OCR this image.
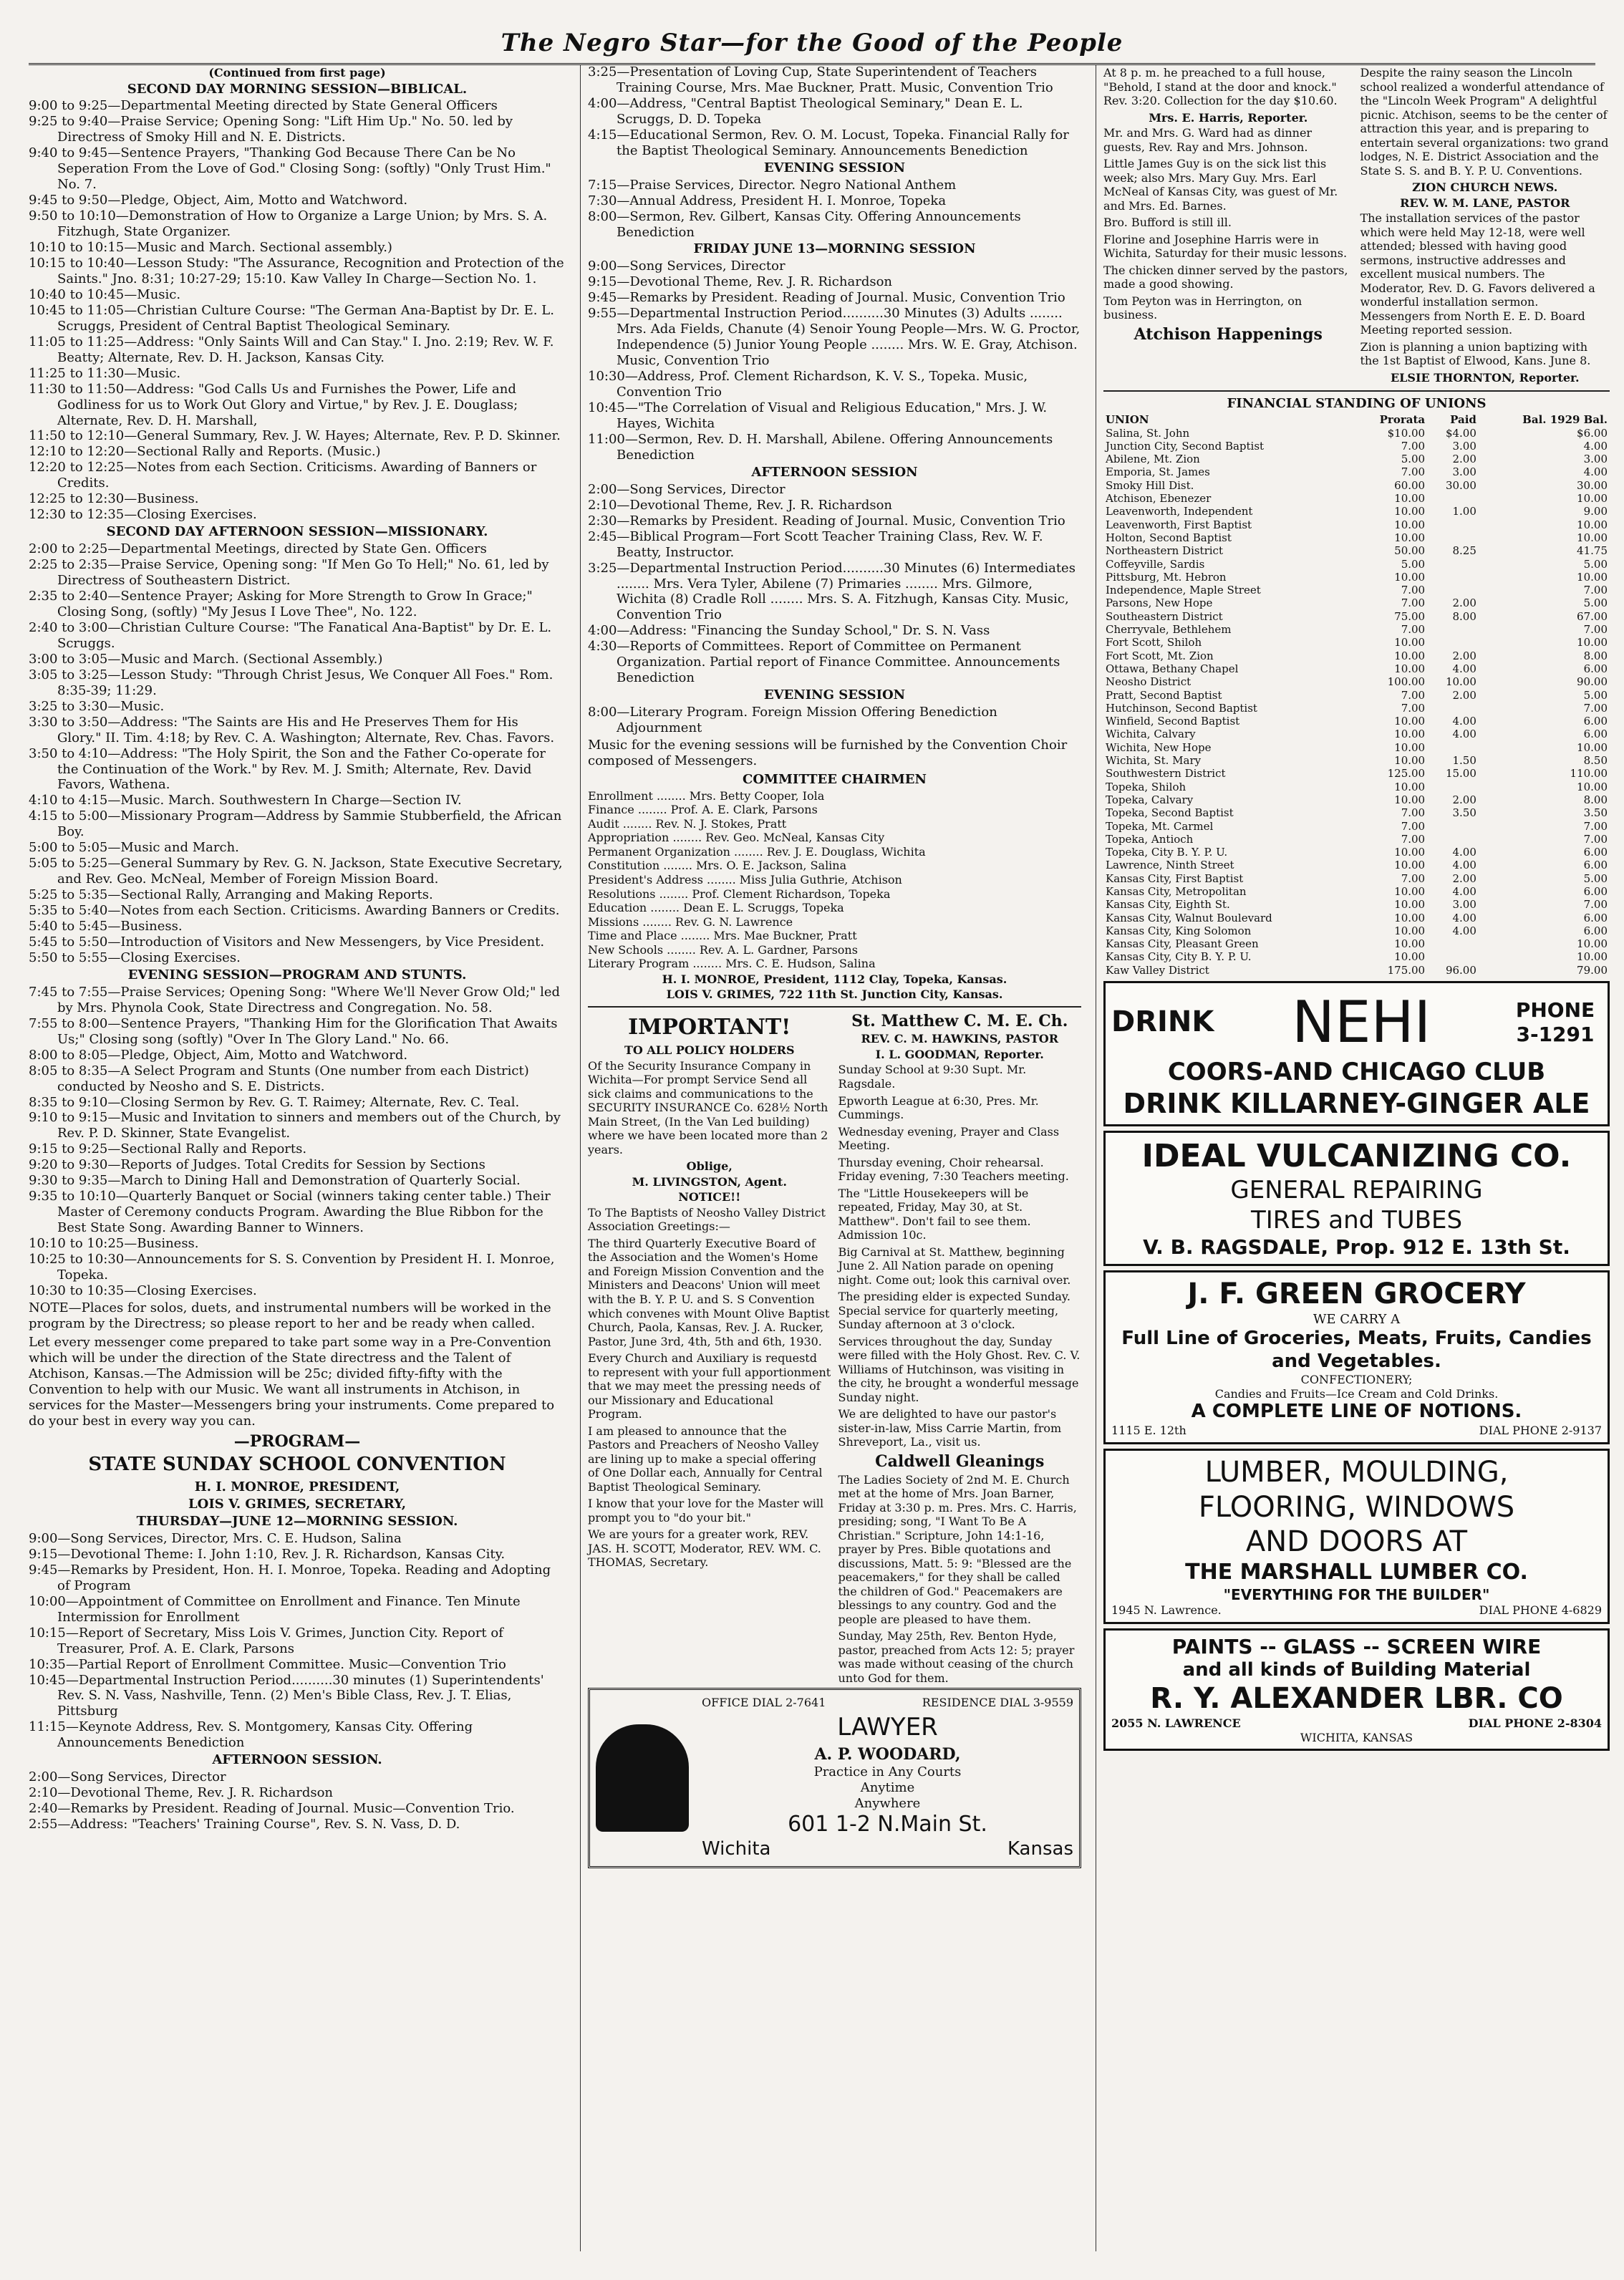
The Negro Star—for the Good of the People
(Continued from first page)
SECOND DAY MORNING SESSION—BIBLICAL.
9:00 to 9:25—Departmental Meeting directed by State General Officers
9:25 to 9:40—Praise Service; Opening Song: "Lift Him Up." No. 50. led by Directress of Smoky Hill and N. E. Districts.
9:40 to 9:45—Sentence Prayers, "Thanking God Because There Can be No Seperation From the Love of God." Closing Song: (softly) "Only Trust Him." No. 7.
9:45 to 9:50—Pledge, Object, Aim, Motto and Watchword.
9:50 to 10:10—Demonstration of How to Organize a Large Union; by Mrs. S. A. Fitzhugh, State Organizer.
10:10 to 10:15—Music and March. Sectional assembly.)
10:15 to 10:40—Lesson Study: "The Assurance, Recognition and Protection of the Saints." Jno. 8:31; 10:27-29; 15:10. Kaw Valley In Charge—Section No. 1.
10:40 to 10:45—Music.
10:45 to 11:05—Christian Culture Course: "The German Ana-Baptist by Dr. E. L. Scruggs, President of Central Baptist Theological Seminary.
11:05 to 11:25—Address: "Only Saints Will and Can Stay." I. Jno. 2:19; Rev. W. F. Beatty; Alternate, Rev. D. H. Jackson, Kansas City.
11:25 to 11:30—Music.
11:30 to 11:50—Address: "God Calls Us and Furnishes the Power, Life and Godliness for us to Work Out Glory and Virtue," by Rev. J. E. Douglass; Alternate, Rev. D. H. Marshall,
11:50 to 12:10—General Summary, Rev. J. W. Hayes; Alternate, Rev. P. D. Skinner.
12:10 to 12:20—Sectional Rally and Reports. (Music.)
12:20 to 12:25—Notes from each Section. Criticisms. Awarding of Banners or Credits.
12:25 to 12:30—Business.
12:30 to 12:35—Closing Exercises.
SECOND DAY AFTERNOON SESSION—MISSIONARY.
2:00 to 2:25—Departmental Meetings, directed by State Gen. Officers
2:25 to 2:35—Praise Service, Opening song: "If Men Go To Hell;" No. 61, led by Directress of Southeastern District.
2:35 to 2:40—Sentence Prayer; Asking for More Strength to Grow In Grace;" Closing Song, (softly) "My Jesus I Love Thee", No. 122.
2:40 to 3:00—Christian Culture Course: "The Fanatical Ana-Baptist" by Dr. E. L. Scruggs.
3:00 to 3:05—Music and March. (Sectional Assembly.)
3:05 to 3:25—Lesson Study: "Through Christ Jesus, We Conquer All Foes." Rom. 8:35-39; 11:29.
3:25 to 3:30—Music.
3:30 to 3:50—Address: "The Saints are His and He Preserves Them for His Glory." II. Tim. 4:18; by Rev. C. A. Washington; Alternate, Rev. Chas. Favors.
3:50 to 4:10—Address: "The Holy Spirit, the Son and the Father Co-operate for the Continuation of the Work." by Rev. M. J. Smith; Alternate, Rev. David Favors, Wathena.
4:10 to 4:15—Music. March. Southwestern In Charge—Section IV.
4:15 to 5:00—Missionary Program—Address by Sammie Stubberfield, the African Boy.
5:00 to 5:05—Music and March.
5:05 to 5:25—General Summary by Rev. G. N. Jackson, State Executive Secretary, and Rev. Geo. McNeal, Member of Foreign Mission Board.
5:25 to 5:35—Sectional Rally, Arranging and Making Reports.
5:35 to 5:40—Notes from each Section. Criticisms. Awarding Banners or Credits.
5:40 to 5:45—Business.
5:45 to 5:50—Introduction of Visitors and New Messengers, by Vice President.
5:50 to 5:55—Closing Exercises.
EVENING SESSION—PROGRAM AND STUNTS.
7:45 to 7:55—Praise Services; Opening Song: "Where We'll Never Grow Old;" led by Mrs. Phynola Cook, State Directress and Congregation. No. 58.
7:55 to 8:00—Sentence Prayers, "Thanking Him for the Glorification That Awaits Us;" Closing song (softly) "Over In The Glory Land." No. 66.
8:00 to 8:05—Pledge, Object, Aim, Motto and Watchword.
8:05 to 8:35—A Select Program and Stunts (One number from each District) conducted by Neosho and S. E. Districts.
8:35 to 9:10—Closing Sermon by Rev. G. T. Raimey; Alternate, Rev. C. Teal.
9:10 to 9:15—Music and Invitation to sinners and members out of the Church, by Rev. P. D. Skinner, State Evangelist.
9:15 to 9:25—Sectional Rally and Reports.
9:20 to 9:30—Reports of Judges. Total Credits for Session by Sections
9:30 to 9:35—March to Dining Hall and Demonstration of Quarterly Social.
9:35 to 10:10—Quarterly Banquet or Social (winners taking center table.) Their Master of Ceremony conducts Program. Awarding the Blue Ribbon for the Best State Song. Awarding Banner to Winners.
10:10 to 10:25—Business.
10:25 to 10:30—Announcements for S. S. Convention by President H. I. Monroe, Topeka.
10:30 to 10:35—Closing Exercises.

NOTE—Places for solos, duets, and instrumental numbers will be worked in the program by the Directress; so please report to her and be ready when called.

Let every messenger come prepared to take part some way in a Pre-Convention which will be under the direction of the State directress and the Talent of Atchison, Kansas.—The Admission will be 25c; divided fifty-fifty with the Convention to help with our Music. We want all instruments in Atchison, in services for the Master—Messengers bring your instruments. Come prepared to do your best in every way you can.

—PROGRAM—
STATE SUNDAY SCHOOL CONVENTION
H. I. MONROE, PRESIDENT,
LOIS V. GRIMES, SECRETARY,
THURSDAY—JUNE 12—MORNING SESSION.
9:00—Song Services, Director, Mrs. C. E. Hudson, Salina
9:15—Devotional Theme: I. John 1:10, Rev. J. R. Richardson, Kansas City.
9:45—Remarks by President, Hon. H. I. Monroe, Topeka. Reading and Adopting of Program
10:00—Appointment of Committee on Enrollment and Finance. Ten Minute Intermission for Enrollment
10:15—Report of Secretary, Miss Lois V. Grimes, Junction City. Report of Treasurer, Prof. A. E. Clark, Parsons
10:35—Partial Report of Enrollment Committee. Music—Convention Trio
10:45—Departmental Instruction Period..........30 minutes (1) Superintendents' Rev. S. N. Vass, Nashville, Tenn. (2) Men's Bible Class, Rev. J. T. Elias, Pittsburg
11:15—Keynote Address, Rev. S. Montgomery, Kansas City. Offering Announcements Benediction
AFTERNOON SESSION.
2:00—Song Services, Director
2:10—Devotional Theme, Rev. J. R. Richardson
2:40—Remarks by President. Reading of Journal. Music—Convention Trio.
2:55—Address: "Teachers' Training Course", Rev. S. N. Vass, D. D.
3:25—Presentation of Loving Cup, State Superintendent of Teachers Training Course, Mrs. Mae Buckner, Pratt. Music, Convention Trio
4:00—Address, "Central Baptist Theological Seminary," Dean E. L. Scruggs, D. D. Topeka
4:15—Educational Sermon, Rev. O. M. Locust, Topeka. Financial Rally for the Baptist Theological Seminary. Announcements Benediction
EVENING SESSION
7:15—Praise Services, Director. Negro National Anthem
7:30—Annual Address, President H. I. Monroe, Topeka
8:00—Sermon, Rev. Gilbert, Kansas City. Offering Announcements Benediction
FRIDAY JUNE 13—MORNING SESSION
9:00—Song Services, Director
9:15—Devotional Theme, Rev. J. R. Richardson
9:45—Remarks by President. Reading of Journal. Music, Convention Trio
9:55—Departmental Instruction Period..........30 Minutes (3) Adults ........ Mrs. Ada Fields, Chanute (4) Senoir Young People—Mrs. W. G. Proctor, Independence (5) Junior Young People ........ Mrs. W. E. Gray, Atchison. Music, Convention Trio
10:30—Address, Prof. Clement Richardson, K. V. S., Topeka. Music, Convention Trio
10:45—"The Correlation of Visual and Religious Education," Mrs. J. W. Hayes, Wichita
11:00—Sermon, Rev. D. H. Marshall, Abilene. Offering Announcements Benediction
AFTERNOON SESSION
2:00—Song Services, Director
2:10—Devotional Theme, Rev. J. R. Richardson
2:30—Remarks by President. Reading of Journal. Music, Convention Trio
2:45—Biblical Program—Fort Scott Teacher Training Class, Rev. W. F. Beatty, Instructor.
3:25—Departmental Instruction Period..........30 Minutes (6) Intermediates ........ Mrs. Vera Tyler, Abilene (7) Primaries ........ Mrs. Gilmore, Wichita (8) Cradle Roll ........ Mrs. S. A. Fitzhugh, Kansas City. Music, Convention Trio
4:00—Address: "Financing the Sunday School," Dr. S. N. Vass
4:30—Reports of Committees. Report of Committee on Permanent Organization. Partial report of Finance Committee. Announcements Benediction
EVENING SESSION
8:00—Literary Program. Foreign Mission Offering Benediction Adjournment

Music for the evening sessions will be furnished by the Convention Choir composed of Messengers.

COMMITTEE CHAIRMEN
Enrollment ........ Mrs. Betty Cooper, Iola
Finance ........ Prof. A. E. Clark, Parsons
Audit ........ Rev. N. J. Stokes, Pratt
Appropriation ........ Rev. Geo. McNeal, Kansas City
Permanent Organization ........ Rev. J. E. Douglass, Wichita
Constitution ........ Mrs. O. E. Jackson, Salina
President's Address ........ Miss Julia Guthrie, Atchison
Resolutions ........ Prof. Clement Richardson, Topeka
Education ........ Dean E. L. Scruggs, Topeka
Missions ........ Rev. G. N. Lawrence
Time and Place ........ Mrs. Mae Buckner, Pratt
New Schools ........ Rev. A. L. Gardner, Parsons
Literary Program ........ Mrs. C. E. Hudson, Salina
H. I. MONROE, President, 1112 Clay, Topeka, Kansas.
LOIS V. GRIMES, 722 11th St. Junction City, Kansas.
IMPORTANT!
TO ALL POLICY HOLDERS

Of the Security Insurance Company in Wichita—For prompt Service Send all sick claims and communications to the SECURITY INSURANCE Co. 628½ North Main Street, (In the Van Led building) where we have been located more than 2 years.

Oblige,
M. LIVINGSTON, Agent.
NOTICE!!

To The Baptists of Neosho Valley District Association Greetings:—

The third Quarterly Executive Board of the Association and the Women's Home and Foreign Mission Convention and the Ministers and Deacons' Union will meet with the B. Y. P. U. and S. S Convention which convenes with Mount Olive Baptist Church, Paola, Kansas, Rev. J. A. Rucker, Pastor, June 3rd, 4th, 5th and 6th, 1930.

Every Church and Auxiliary is requestd to represent with your full apportionment that we may meet the pressing needs of our Missionary and Educational Program.

I am pleased to announce that the Pastors and Preachers of Neosho Valley are lining up to make a special offering of One Dollar each, Annually for Central Baptist Theological Seminary.

I know that your love for the Master will prompt you to "do your bit."

We are yours for a greater work, REV. JAS. H. SCOTT, Moderator, REV. WM. C. THOMAS, Secretary.

St. Matthew C. M. E. Ch.
REV. C. M. HAWKINS, PASTOR
I. L. GOODMAN, Reporter.

Sunday School at 9:30 Supt. Mr. Ragsdale.

Epworth League at 6:30, Pres. Mr. Cummings.

Wednesday evening, Prayer and Class Meeting.

Thursday evening, Choir rehearsal. Friday evening, 7:30 Teachers meeting.

The "Little Housekeepers will be repeated, Friday, May 30, at St. Matthew". Don't fail to see them. Admission 10c.

Big Carnival at St. Matthew, beginning June 2. All Nation parade on opening night. Come out; look this carnival over.

The presiding elder is expected Sunday. Special service for quarterly meeting, Sunday afternoon at 3 o'clock.

Services throughout the day, Sunday were filled with the Holy Ghost. Rev. C. V. Williams of Hutchinson, was visiting in the city, he brought a wonderful message Sunday night.

We are delighted to have our pastor's sister-in-law, Miss Carrie Martin, from Shreveport, La., visit us.

Caldwell Gleanings

The Ladies Society of 2nd M. E. Church met at the home of Mrs. Joan Barner, Friday at 3:30 p. m. Pres. Mrs. C. Harris, presiding; song, "I Want To Be A Christian." Scripture, John 14:1-16, prayer by Pres. Bible quotations and discussions, Matt. 5: 9: "Blessed are the peacemakers," for they shall be called the children of God." Peacemakers are blessings to any country. God and the people are pleased to have them.

Sunday, May 25th, Rev. Benton Hyde, pastor, preached from Acts 12: 5; prayer was made without ceasing of the church unto God for them.

OFFICE DIAL 2-7641	RESIDENCE DIAL 3-9559
LAWYER
A. P. WOODARD,
Practice in Any Courts
Anytime
Anywhere
601 1-2 N.Main St.
Wichita	Kansas

At 8 p. m. he preached to a full house, "Behold, I stand at the door and knock." Rev. 3:20. Collection for the day $10.60.

Mrs. E. Harris, Reporter.

Mr. and Mrs. G. Ward had as dinner guests, Rev. Ray and Mrs. Johnson.

Little James Guy is on the sick list this week; also Mrs. Mary Guy. Mrs. Earl McNeal of Kansas City, was guest of Mr. and Mrs. Ed. Barnes.

Bro. Bufford is still ill.

Florine and Josephine Harris were in Wichita, Saturday for their music lessons.

The chicken dinner served by the pastors, made a good showing.

Tom Peyton was in Herrington, on business.

Atchison Happenings

Despite the rainy season the Lincoln school realized a wonderful attendance of the "Lincoln Week Program" A delightful picnic. Atchison, seems to be the center of attraction this year, and is preparing to entertain several organizations: two grand lodges, N. E. District Association and the State S. S. and B. Y. P. U. Conventions.

ZION CHURCH NEWS.
REV. W. M. LANE, PASTOR

The installation services of the pastor which were held May 12-18, were well attended; blessed with having good sermons, instructive addresses and excellent musical numbers. The Moderator, Rev. D. G. Favors delivered a wonderful installation sermon. Messengers from North E. E. D. Board Meeting reported session.

Zion is planning a union baptizing with the 1st Baptist of Elwood, Kans. June 8.

ELSIE THORNTON, Reporter.
FINANCIAL STANDING OF UNIONS
UNION	Prorata	Paid	Bal. 1929 Bal.
Salina, St. John	$10.00	$4.00	$6.00
Junction City, Second Baptist	7.00	3.00	4.00
Abilene, Mt. Zion	5.00	2.00	3.00
Emporia, St. James	7.00	3.00	4.00
Smoky Hill Dist.	60.00	30.00	30.00
Atchison, Ebenezer	10.00		10.00
Leavenworth, Independent	10.00	1.00	9.00
Leavenworth, First Baptist	10.00		10.00
Holton, Second Baptist	10.00		10.00
Northeastern District	50.00	8.25	41.75
Coffeyville, Sardis	5.00		5.00
Pittsburg, Mt. Hebron	10.00		10.00
Independence, Maple Street	7.00		7.00
Parsons, New Hope	7.00	2.00	5.00
Southeastern District	75.00	8.00	67.00
Cherryvale, Bethlehem	7.00		7.00
Fort Scott, Shiloh	10.00		10.00
Fort Scott, Mt. Zion	10.00	2.00	8.00
Ottawa, Bethany Chapel	10.00	4.00	6.00
Neosho District	100.00	10.00	90.00
Pratt, Second Baptist	7.00	2.00	5.00
Hutchinson, Second Baptist	7.00		7.00
Winfield, Second Baptist	10.00	4.00	6.00
Wichita, Calvary	10.00	4.00	6.00
Wichita, New Hope	10.00		10.00
Wichita, St. Mary	10.00	1.50	8.50
Southwestern District	125.00	15.00	110.00
Topeka, Shiloh	10.00		10.00
Topeka, Calvary	10.00	2.00	8.00
Topeka, Second Baptist	7.00	3.50	3.50
Topeka, Mt. Carmel	7.00		7.00
Topeka, Antioch	7.00		7.00
Topeka, City B. Y. P. U.	10.00	4.00	6.00
Lawrence, Ninth Street	10.00	4.00	6.00
Kansas City, First Baptist	7.00	2.00	5.00
Kansas City, Metropolitan	10.00	4.00	6.00
Kansas City, Eighth St.	10.00	3.00	7.00
Kansas City, Walnut Boulevard	10.00	4.00	6.00
Kansas City, King Solomon	10.00	4.00	6.00
Kansas City, Pleasant Green	10.00		10.00
Kansas City, City B. Y. P. U.	10.00		10.00
Kaw Valley District	175.00	96.00	79.00
DRINK NEHI	PHONE 3-1291
COORS-AND CHICAGO CLUB
DRINK KILLARNEY-GINGER ALE
IDEAL VULCANIZING CO.
GENERAL REPAIRING
TIRES and TUBES
V. B. RAGSDALE, Prop. 912 E. 13th St.
J. F. GREEN GROCERY
WE CARRY A
Full Line of Groceries, Meats, Fruits, Candies and Vegetables.
CONFECTIONERY;
Candies and Fruits—Ice Cream and Cold Drinks.
A COMPLETE LINE OF NOTIONS.
1115 E. 12th	DIAL PHONE 2-9137
LUMBER, MOULDING,
FLOORING, WINDOWS
AND DOORS AT
THE MARSHALL LUMBER CO.
"EVERYTHING FOR THE BUILDER"
1945 N. Lawrence.	DIAL PHONE 4-6829
PAINTS -- GLASS -- SCREEN WIRE
and all kinds of Building Material
R. Y. ALEXANDER LBR. CO
2055 N. LAWRENCE	DIAL PHONE 2-8304
WICHITA, KANSAS
